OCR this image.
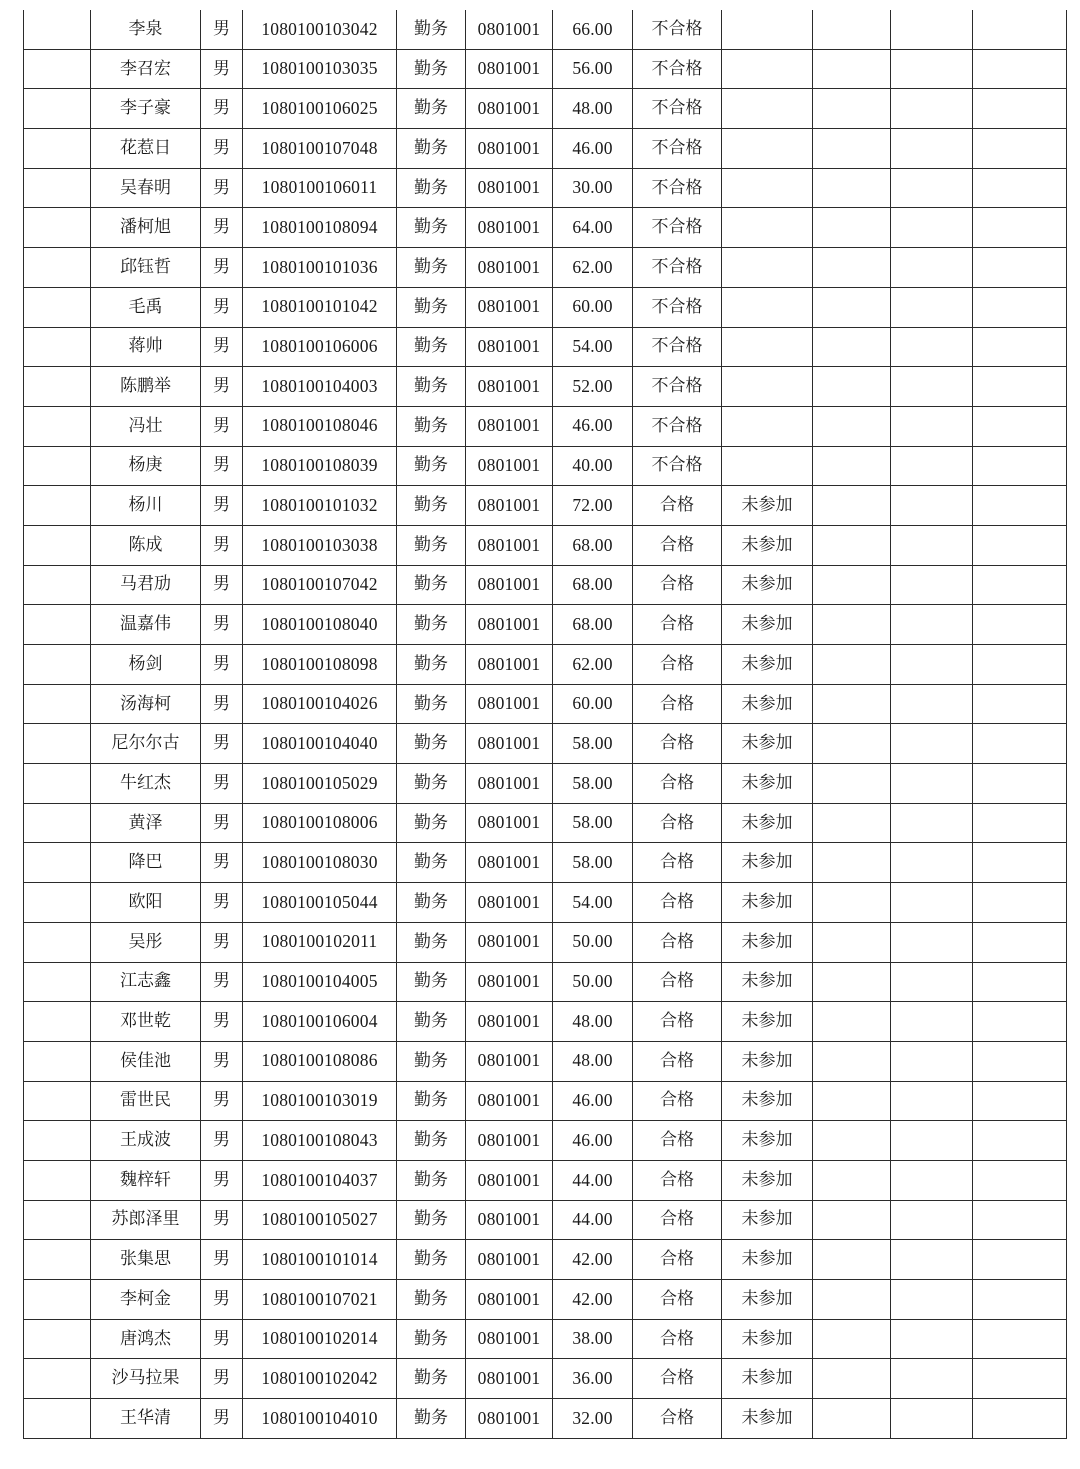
	李泉	男	1080100103042	勤务	0801001	66.00	不合格				
	李召宏	男	1080100103035	勤务	0801001	56.00	不合格				
	李子豪	男	1080100106025	勤务	0801001	48.00	不合格				
	花惹日	男	1080100107048	勤务	0801001	46.00	不合格				
	吴春明	男	1080100106011	勤务	0801001	30.00	不合格				
	潘柯旭	男	1080100108094	勤务	0801001	64.00	不合格				
	邱钰哲	男	1080100101036	勤务	0801001	62.00	不合格				
	毛禹	男	1080100101042	勤务	0801001	60.00	不合格				
	蒋帅	男	1080100106006	勤务	0801001	54.00	不合格				
	陈鹏举	男	1080100104003	勤务	0801001	52.00	不合格				
	冯壮	男	1080100108046	勤务	0801001	46.00	不合格				
	杨庚	男	1080100108039	勤务	0801001	40.00	不合格				
	杨川	男	1080100101032	勤务	0801001	72.00	合格	未参加			
	陈成	男	1080100103038	勤务	0801001	68.00	合格	未参加			
	马君劢	男	1080100107042	勤务	0801001	68.00	合格	未参加			
	温嘉伟	男	1080100108040	勤务	0801001	68.00	合格	未参加			
	杨剑	男	1080100108098	勤务	0801001	62.00	合格	未参加			
	汤海柯	男	1080100104026	勤务	0801001	60.00	合格	未参加			
	尼尔尔古	男	1080100104040	勤务	0801001	58.00	合格	未参加			
	牛红杰	男	1080100105029	勤务	0801001	58.00	合格	未参加			
	黄泽	男	1080100108006	勤务	0801001	58.00	合格	未参加			
	降巴	男	1080100108030	勤务	0801001	58.00	合格	未参加			
	欧阳	男	1080100105044	勤务	0801001	54.00	合格	未参加			
	吴彤	男	1080100102011	勤务	0801001	50.00	合格	未参加			
	江志鑫	男	1080100104005	勤务	0801001	50.00	合格	未参加			
	邓世乾	男	1080100106004	勤务	0801001	48.00	合格	未参加			
	侯佳池	男	1080100108086	勤务	0801001	48.00	合格	未参加			
	雷世民	男	1080100103019	勤务	0801001	46.00	合格	未参加			
	王成波	男	1080100108043	勤务	0801001	46.00	合格	未参加			
	魏梓轩	男	1080100104037	勤务	0801001	44.00	合格	未参加			
	苏郎泽里	男	1080100105027	勤务	0801001	44.00	合格	未参加			
	张集思	男	1080100101014	勤务	0801001	42.00	合格	未参加			
	李柯金	男	1080100107021	勤务	0801001	42.00	合格	未参加			
	唐鸿杰	男	1080100102014	勤务	0801001	38.00	合格	未参加			
	沙马拉果	男	1080100102042	勤务	0801001	36.00	合格	未参加			
	王华清	男	1080100104010	勤务	0801001	32.00	合格	未参加			
